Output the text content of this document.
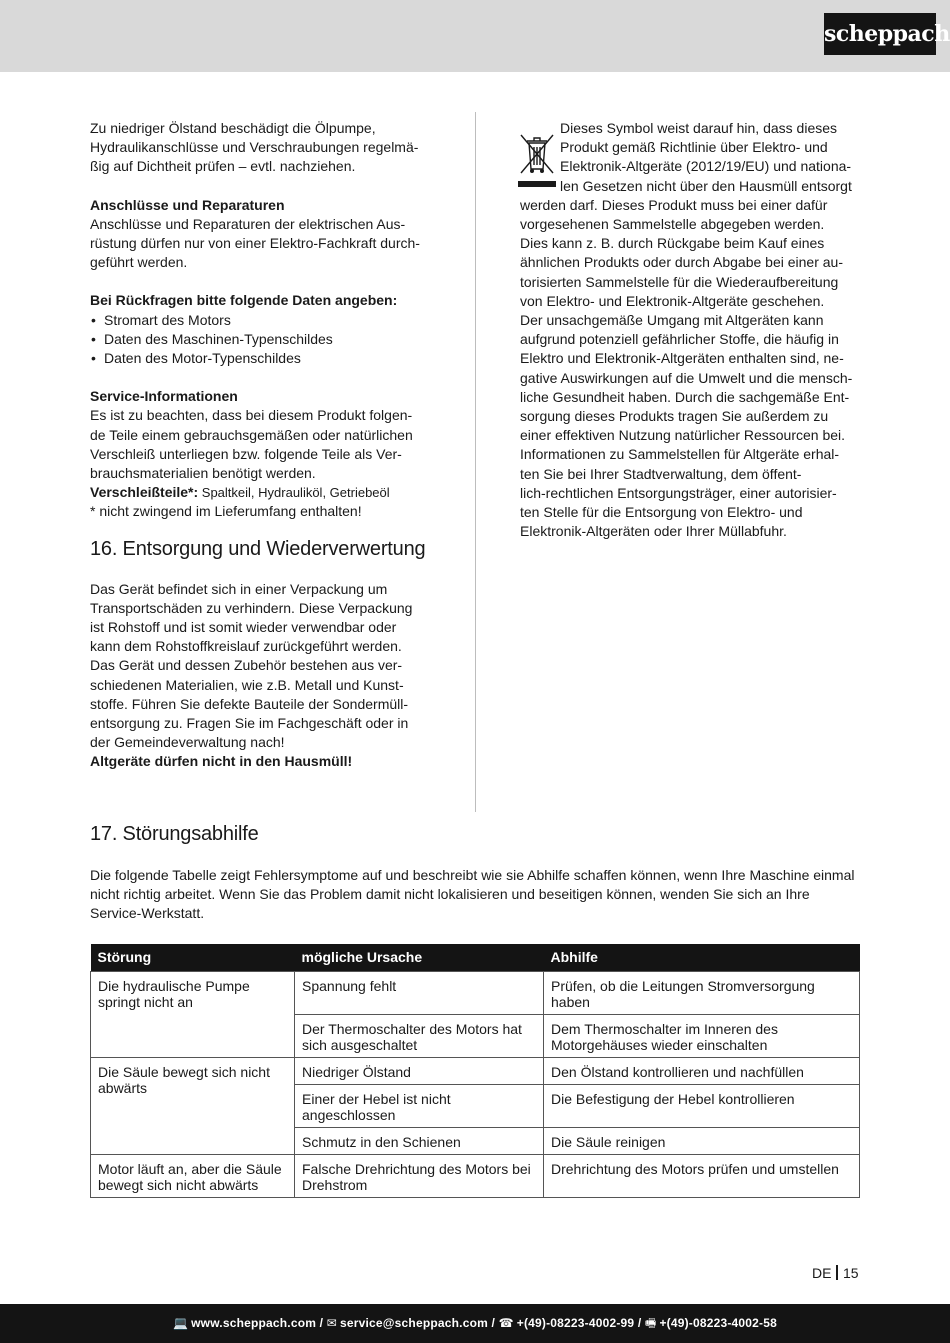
scheppach

Zu niedriger Ölstand beschädigt die Ölpumpe,

Hydraulikanschlüsse und Verschraubungen regelmä-

ßig auf Dichtheit prüfen – evtl. nachziehen.

Anschlüsse und Reparaturen

Anschlüsse und Reparaturen der elektrischen Aus-

rüstung dürfen nur von einer Elektro-Fachkraft durch-

geführt werden.

Bei Rückfragen bitte folgende Daten angeben:

• Stromart des Motors
• Daten des Maschinen-Typenschildes
• Daten des Motor-Typenschildes

Service-Informationen

Es ist zu beachten, dass bei diesem Produkt folgen-

de Teile einem gebrauchsgemäßen oder natürlichen

Verschleiß unterliegen bzw. folgende Teile als Ver-

brauchsmaterialien benötigt werden.

Verschleißteile*: Spaltkeil, Hydrauliköl, Getriebeöl

* nicht zwingend im Lieferumfang enthalten!

16. Entsorgung und Wiederverwertung

Das Gerät befindet sich in einer Verpackung um

Transportschäden zu verhindern. Diese Verpackung

ist Rohstoff und ist somit wieder verwendbar oder

kann dem Rohstoffkreislauf zurückgeführt werden.

Das Gerät und dessen Zubehör bestehen aus ver-

schiedenen Materialien, wie z.B. Metall und Kunst-

stoffe. Führen Sie defekte Bauteile der Sondermüll-

entsorgung zu. Fragen Sie im Fachgeschäft oder in

der Gemeindeverwaltung nach!

Altgeräte dürfen nicht in den Hausmüll!

Dieses Symbol weist darauf hin, dass dieses

Produkt gemäß Richtlinie über Elektro- und

Elektronik-Altgeräte (2012/19/EU) und nationa-

len Gesetzen nicht über den Hausmüll entsorgt

werden darf. Dieses Produkt muss bei einer dafür

vorgesehenen Sammelstelle abgegeben werden.

Dies kann z. B. durch Rückgabe beim Kauf eines

ähnlichen Produkts oder durch Abgabe bei einer au-

torisierten Sammelstelle für die Wiederaufbereitung

von Elektro- und Elektronik-Altgeräte geschehen.

Der unsachgemäße Umgang mit Altgeräten kann

aufgrund potenziell gefährlicher Stoffe, die häufig in

Elektro und Elektronik-Altgeräten enthalten sind, ne-

gative Auswirkungen auf die Umwelt und die mensch-

liche Gesundheit haben. Durch die sachgemäße Ent-

sorgung dieses Produkts tragen Sie außerdem zu

einer effektiven Nutzung natürlicher Ressourcen bei.

Informationen zu Sammelstellen für Altgeräte erhal-

ten Sie bei Ihrer Stadtverwaltung, dem öffent-

lich-rechtlichen Entsorgungsträger, einer autorisier-

ten Stelle für die Entsorgung von Elektro- und

Elektronik-Altgeräten oder Ihrer Müllabfuhr.

17. Störungsabhilfe

Die folgende Tabelle zeigt Fehlersymptome auf und beschreibt wie sie Abhilfe schaffen können, wenn Ihre Maschine einmal nicht richtig arbeitet. Wenn Sie das Problem damit nicht lokalisieren und beseitigen können, wenden Sie sich an Ihre Service-Werkstatt.

Störung	mögliche Ursache	Abhilfe
Die hydraulische Pumpe springt nicht an	Spannung fehlt	Prüfen, ob die Leitungen Stromversorgung haben
	Der Thermoschalter des Motors hat sich ausgeschaltet	Dem Thermoschalter im Inneren des Motorgehäuses wieder einschalten
Die Säule bewegt sich nicht abwärts	Niedriger Ölstand	Den Ölstand kontrollieren und nachfüllen
	Einer der Hebel ist nicht angeschlossen	Die Befestigung der Hebel kontrollieren
	Schmutz in den Schienen	Die Säule reinigen
Motor läuft an, aber die Säule bewegt sich nicht abwärts	Falsche Drehrichtung des Motors bei Drehstrom	Drehrichtung des Motors prüfen und umstellen
DE 15
💻 www.scheppach.com / ✉ service@scheppach.com / ☎ +(49)-08223-4002-99 / 🖷 +(49)-08223-4002-58
